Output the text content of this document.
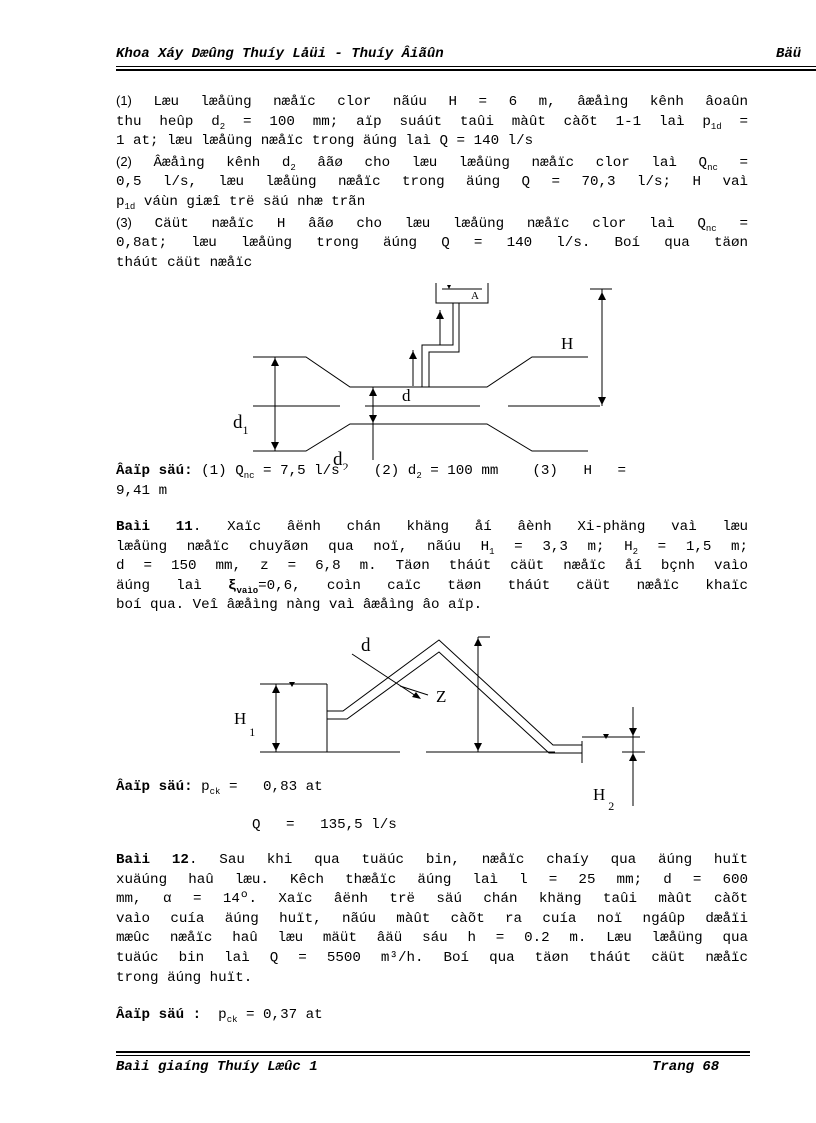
Khoa Xáy Dæûng Thuíy Låüi - Thuíy Âiãûn	Bäü
(1) Læu læåüng næåïc clor nãúu H = 6 m, âæåìng kênh âoaûn
thu heûp $d_2 = 100$ mm; aïp suáút taûi màût càõt 1-1 laì $p_{1d}$ =
1 at; læu læåüng næåïc trong äúng laì Q = 140 l/s
(2) Âæåìng kênh $d_2$ âãø cho læu læåüng næåïc clor laì $Q_{nc}$ =
0,5 l/s, læu læåüng næåïc trong äúng Q = 70,3 l/s; H vaì
$p_{1d}$ váùn giæî trë säú nhæ trãn
(3) Cäüt næåïc H âãø cho læu læåüng næåïc clor laì $Q_{nc}$ =
0,8at; læu læåüng trong äúng Q = 140 l/s. Boí qua täøn
tháút cäüt næåïc
A
H
d
$d_1$
$d_2$
Âaïp säú: (1) $Q_{nc} = 7,5$ l/s (2) $d_2 = 100$ mm (3)   H   =
9,41 m
Baìi 11. Xaïc âënh chán khäng åí âènh Xi-phäng vaì læu
læåüng næåïc chuyãøn qua noï, nãúu $H_1 = 3,3$ m; $H_2 = 1,5$ m;
d = 150 mm, z = 6,8 m. Täøn tháút cäüt næåïc åí bçnh vaìo
äúng laì $\xi_{vaìo}=0,6$, coìn caïc täøn tháút cäüt næåïc khaïc
boí qua. Veî âæåìng nàng vaì âæåìng âo aïp.
d
Z
$H_1$
$H_2$
Âaïp säú: $p_{ck} = 0,83$ at
Q   =   135,5 l/s
Baìi 12. Sau khi qua tuäúc bin, næåïc chaíy qua äúng huït
xuäúng haû læu. Kêch thæåïc äúng laì l = 25 mm; d = 600
mm, α = 14º. Xaïc âënh trë säú chán khäng taûi màût càõt
vaìo cuía äúng huït, nãúu màût càõt ra cuía noï ngáûp dæåïi
mæûc næåïc haû læu mäüt âäü sáu h = 0.2 m. Læu læåüng qua
tuäúc bin laì Q = 5500 m³/h. Boí qua täøn tháút cäüt næåïc
trong äúng huït.
Âaïp säú : $p_{ck} = 0,37$ at
Baìi giaíng Thuíy Læûc 1	Trang 68
